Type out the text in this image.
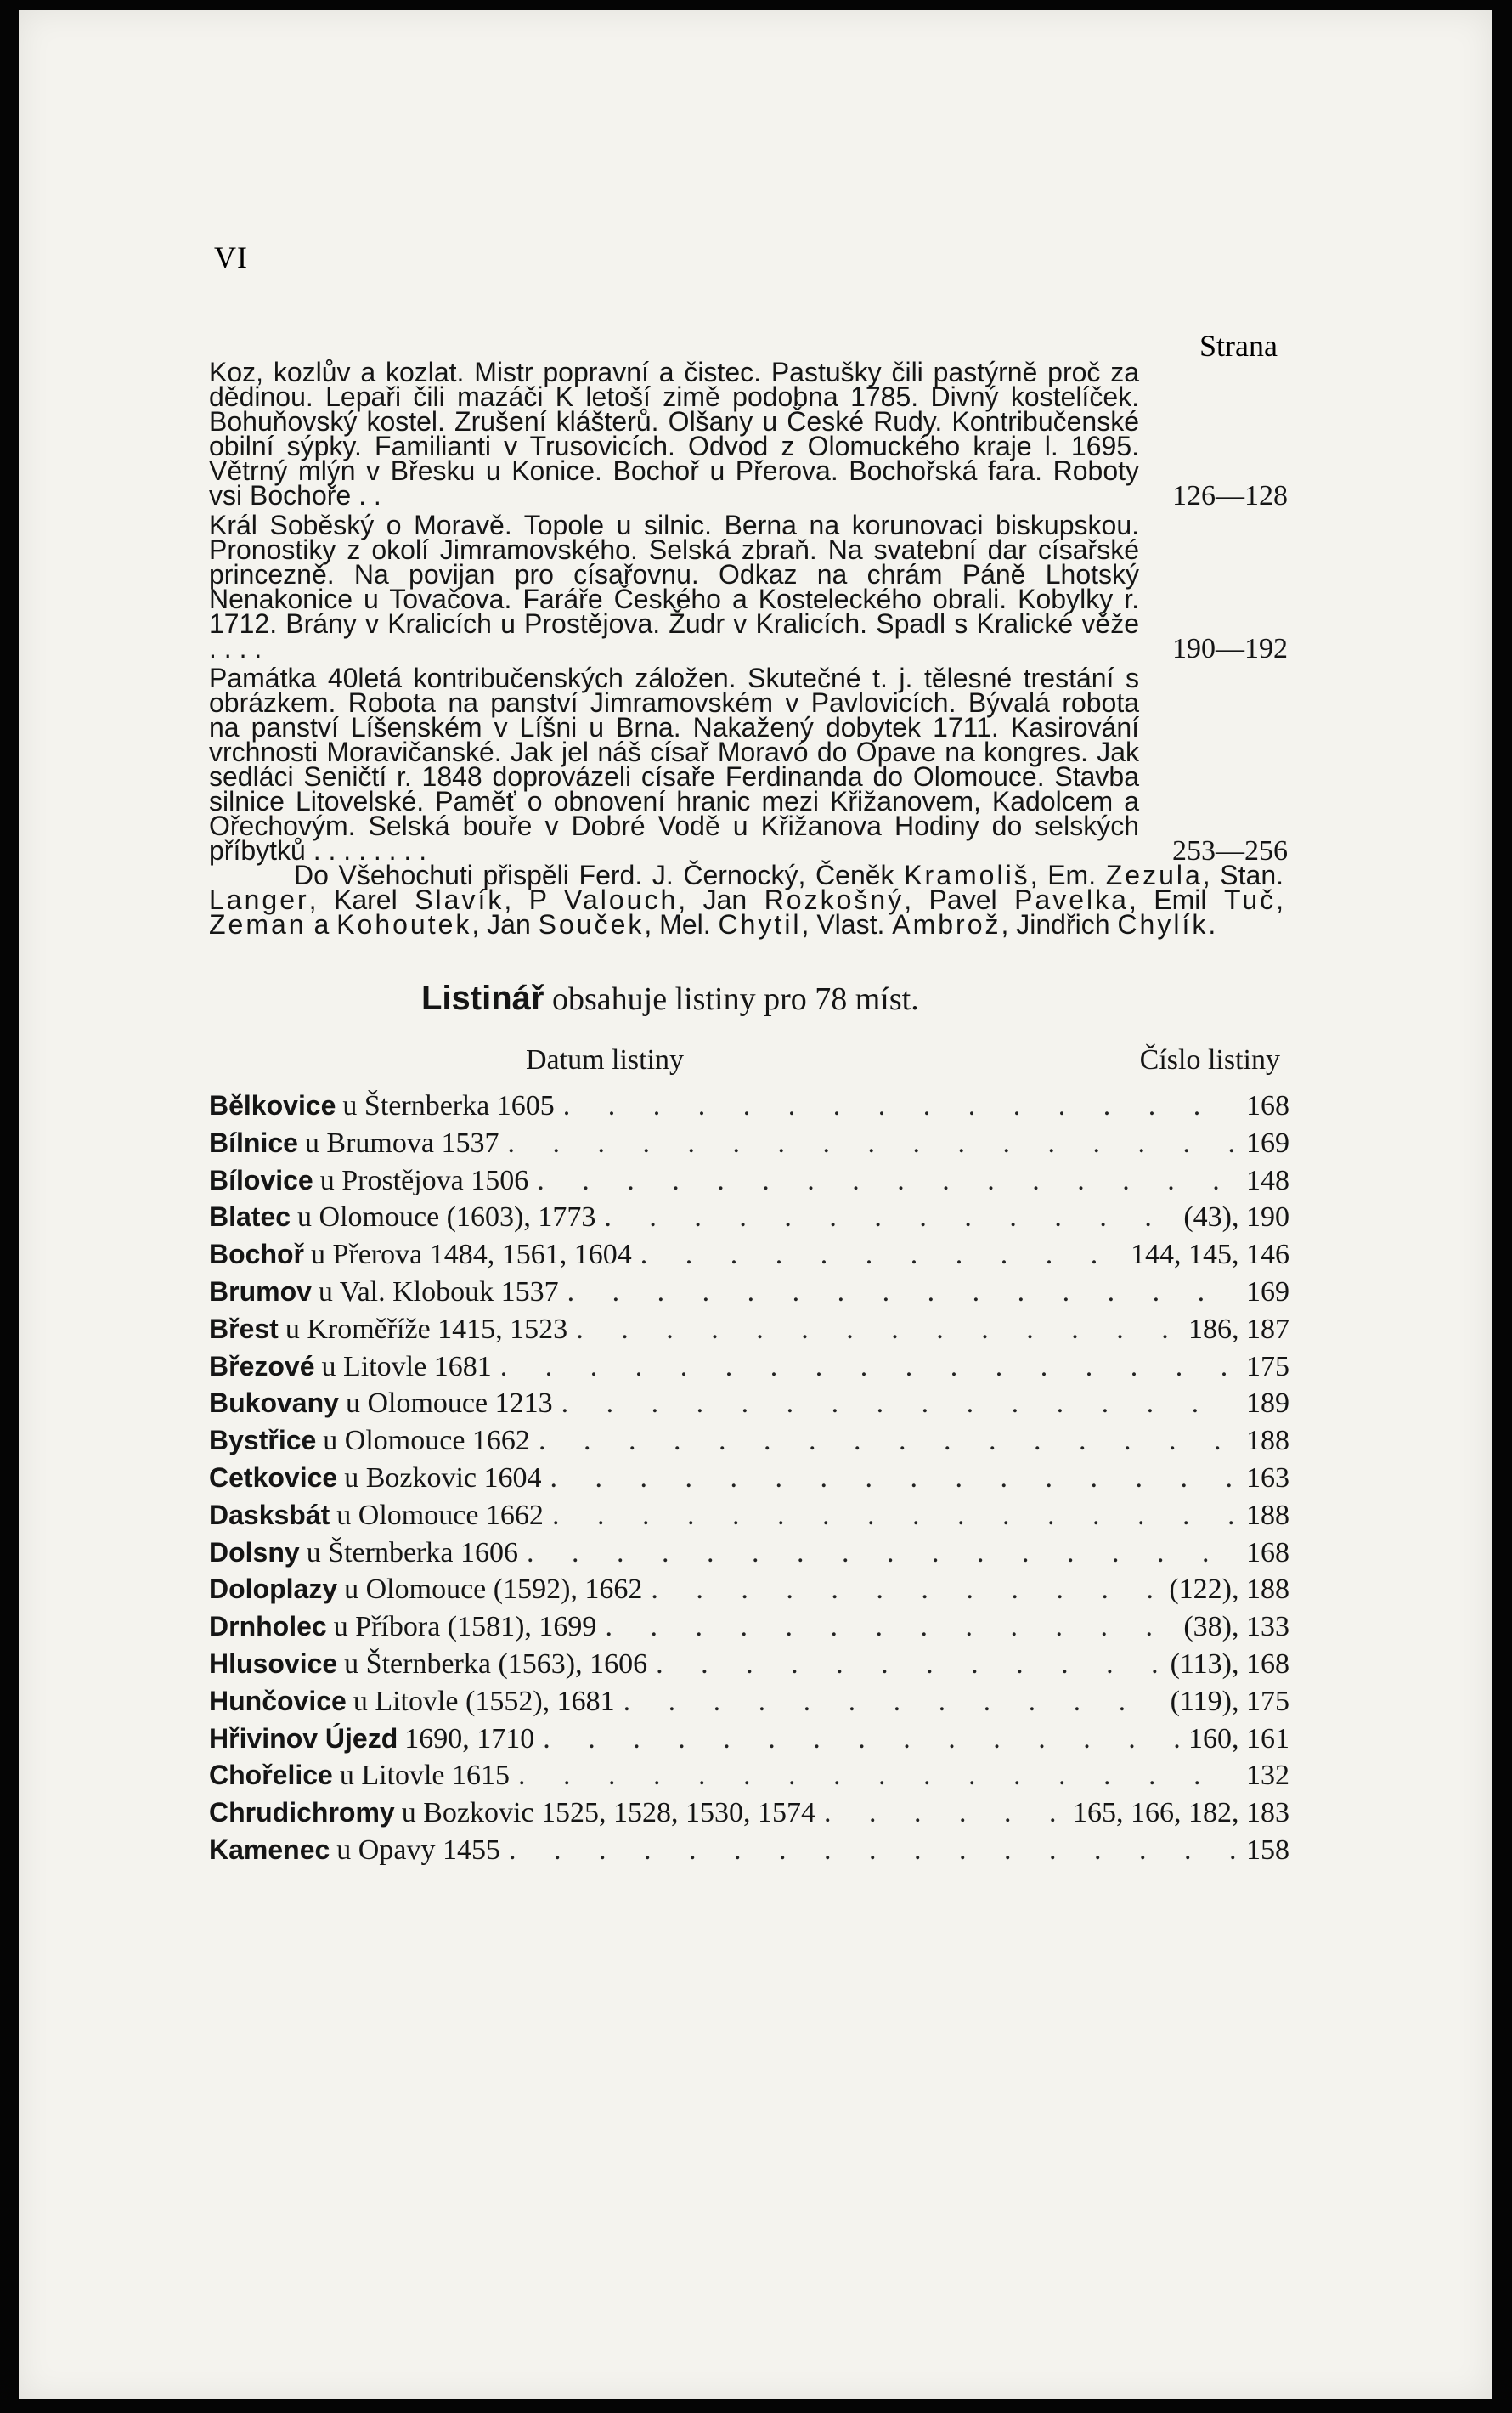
VI
Strana
Koz, kozlův a kozlat. Mistr popravní a čistec. Pastušky čili pastýrně proč za dědinou. Lepaři čili mazáči K letoší zimě podobna 1785. Divný kostelíček. Bohuňovský kostel. Zrušení klášterů. Olšany u České Rudy. Kontribučenské obilní sýpky. Familianti v Trusovicích. Odvod z Olomuckého kraje l. 1695. Větrný mlýn v Břesku u Konice. Bochoř u Přerova. Bochořská fara. Roboty vsi Bochoře . .	126—128
Král Soběský o Moravě. Topole u silnic. Berna na korunovaci biskupskou. Pronostiky z okolí Jimramovského. Selská zbraň. Na svatební dar císařské princezně. Na povijan pro císařovnu. Odkaz na chrám Páně Lhotský Nenakonice u Tovačova. Faráře Českého a Kosteleckého obrali. Kobylky r. 1712. Brány v Kralicích u Prostějova. Žudr v Kralicích. Spadl s Kralické věže . . . .	190—192
Památka 40letá kontribučenských záložen. Skutečné t. j. tělesné trestání s obrázkem. Robota na panství Jimramovském v Pavlovicích. Bývalá robota na panství Líšenském v Líšni u Brna. Nakažený dobytek 1711. Kasirování vrchnosti Moravičanské. Jak jel náš císař Moravó do Opave na kongres. Jak sedláci Seničtí r. 1848 doprovázeli císaře Ferdinanda do Olomouce. Stavba silnice Litovelské. Paměť o obnovení hranic mezi Křižanovem, Kadolcem a Ořechovým. Selská bouře v Dobré Vodě u Křižanova Hodiny do selských příbytků . . . . . . . .	253—256
Do Všehochuti přispěli Ferd. J. Černocký, Čeněk Kramoliš, Em. Zezula, Stan. Langer, Karel Slavík, P Valouch, Jan Rozkošný, Pavel Pavelka, Emil Tuč, Zeman a Kohoutek, Jan Souček, Mel. Chytil, Vlast. Ambrož, Jindřich Chylík.
Listinář obsahuje listiny pro 78 míst.
Datum listiny	Číslo listiny
Bělkovice u Šternberka 1605 . . .	168
Bílnice u Brumova 1537 . . .	169
Bílovice u Prostějova 1506 . . .	148
Blatec u Olomouce (1603), 1773 . . .	(43), 190
Bochoř u Přerova 1484, 1561, 1604 . . .	144, 145, 146
Brumov u Val. Klobouk 1537 . . .	169
Břest u Kroměříže 1415, 1523 . . .	186, 187
Březové u Litovle 1681 . . .	175
Bukovany u Olomouce 1213 . . .	189
Bystřice u Olomouce 1662 . . .	188
Cetkovice u Bozkovic 1604 . . .	163
Dasksbát u Olomouce 1662 . . .	188
Dolsny u Šternberka 1606 . . .	168
Doloplazy u Olomouce (1592), 1662 . . .	(122), 188
Drnholec u Příbora (1581), 1699 . . .	(38), 133
Hlusovice u Šternberka (1563), 1606 . . .	(113), 168
Hunčovice u Litovle (1552), 1681 . . .	(119), 175
Hřivinov Újezd 1690, 1710 . . .	160, 161
Chořelice u Litovle 1615 . . .	132
Chrudichromy u Bozkovic 1525, 1528, 1530, 1574 . . .	165, 166, 182, 183
Kamenec u Opavy 1455 . . .	158
